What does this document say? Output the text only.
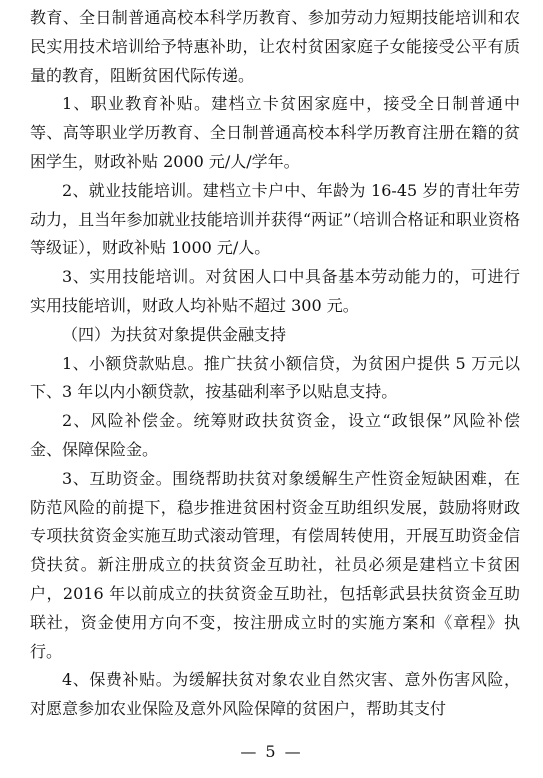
教育、全日制普通高校本科学历教育、参加劳动力短期技能培训和农民实用技术培训给予特惠补助，让农村贫困家庭子女能接受公平有质量的教育，阻断贫困代际传递。

1、职业教育补贴。建档立卡贫困家庭中，接受全日制普通中等、高等职业学历教育、全日制普通高校本科学历教育注册在籍的贫困学生，财政补贴 2000 元/人/学年。

2、就业技能培训。建档立卡户中、年龄为 16-45 岁的青壮年劳动力，且当年参加就业技能培训并获得“两证”（培训合格证和职业资格等级证），财政补贴 1000 元/人。

3、实用技能培训。对贫困人口中具备基本劳动能力的，可进行实用技能培训，财政人均补贴不超过 300 元。

（四）为扶贫对象提供金融支持

1、小额贷款贴息。推广扶贫小额信贷，为贫困户提供 5 万元以下、3 年以内小额贷款，按基础利率予以贴息支持。

2、风险补偿金。统筹财政扶贫资金，设立“政银保”风险补偿金、保障保险金。

3、互助资金。围绕帮助扶贫对象缓解生产性资金短缺困难，在防范风险的前提下，稳步推进贫困村资金互助组织发展，鼓励将财政专项扶贫资金实施互助式滚动管理，有偿周转使用，开展互助资金信贷扶贫。新注册成立的扶贫资金互助社，社员必须是建档立卡贫困户，2016 年以前成立的扶贫资金互助社，包括彰武县扶贫资金互助联社，资金使用方向不变，按注册成立时的实施方案和《章程》执行。

4、保费补贴。为缓解扶贫对象农业自然灾害、意外伤害风险，对愿意参加农业保险及意外风险保障的贫困户，帮助其支付

— 5 —
